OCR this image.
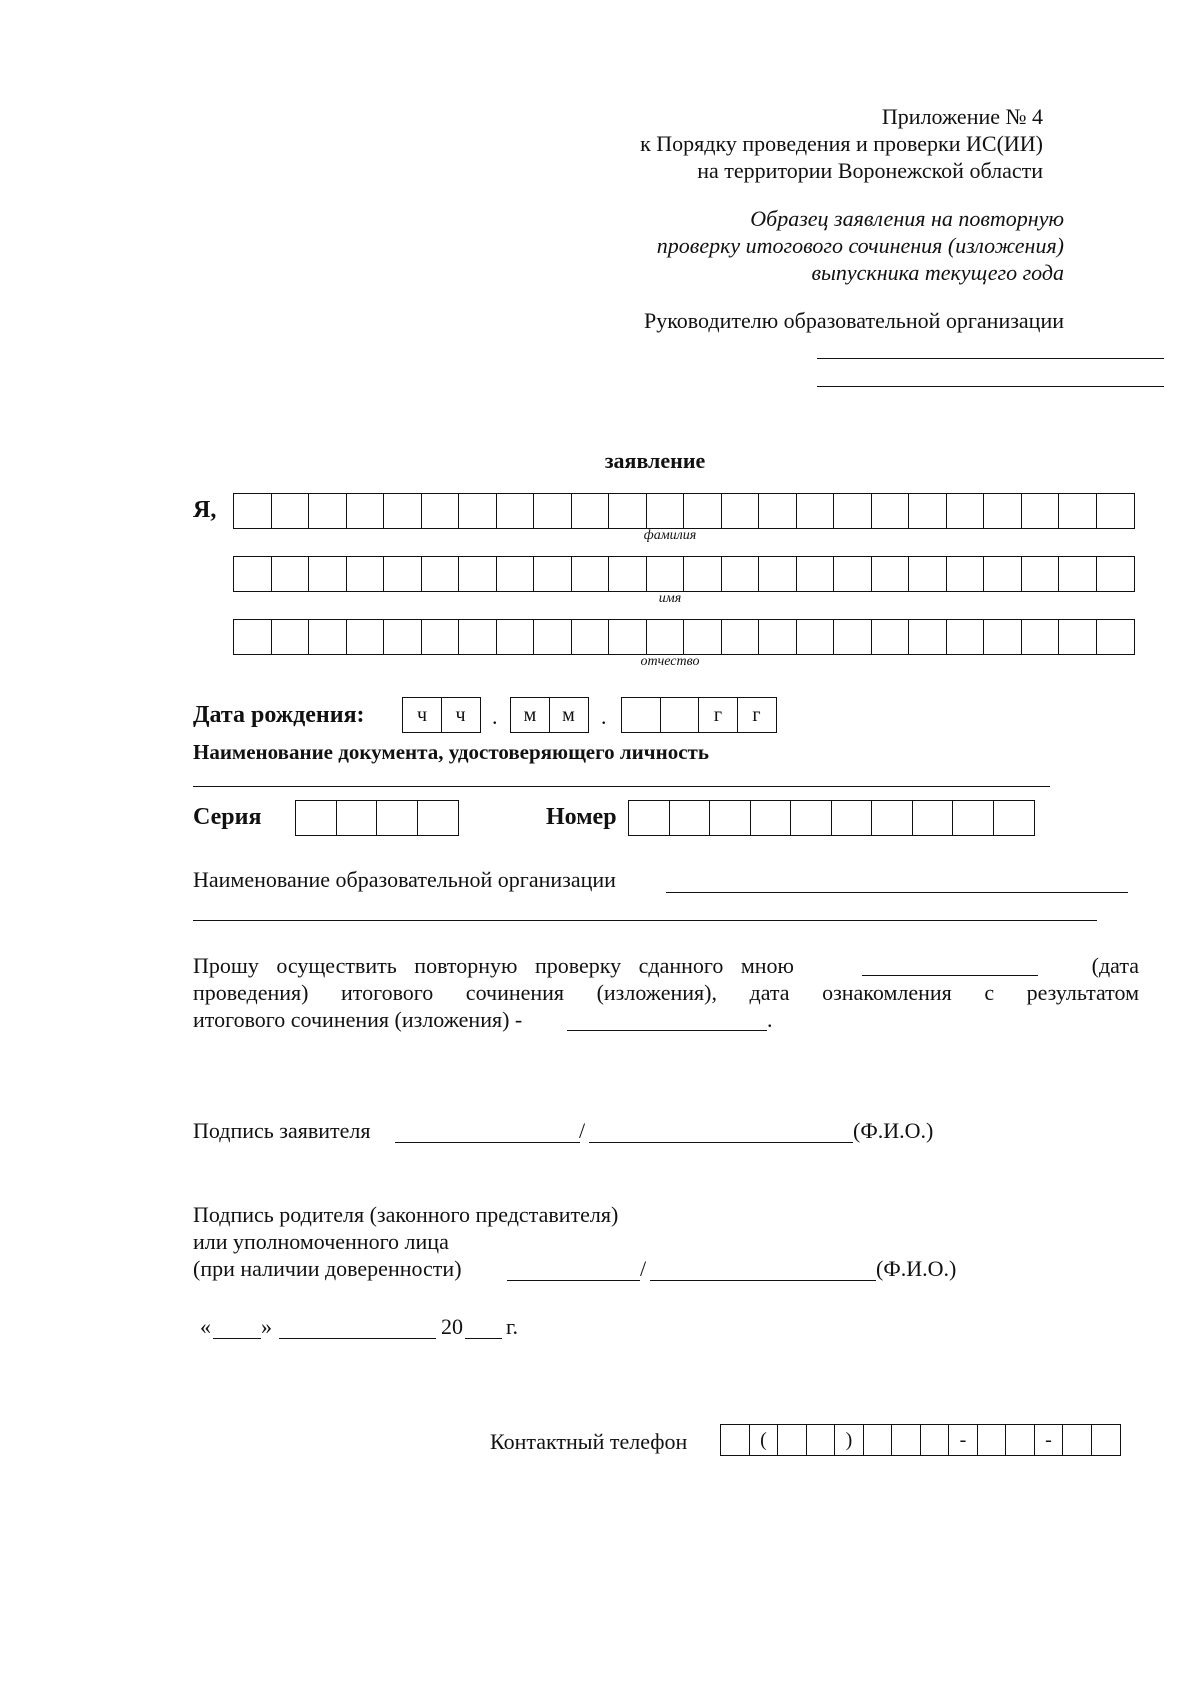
Приложение № 4
к Порядку проведения и проверки ИС(ИИ)
на территории Воронежской области
Образец заявления на повторную
проверку итогового сочинения (изложения)
выпускника текущего года
Руководителю образовательной организации
заявление
Я,
фамилия
имя
отчество
Дата рождения:	ч	ч	.	м	м	.	г	г
Наименование документа, удостоверяющего личность
Серия	Номер
Наименование образовательной организации
Прошу осуществить повторную проверку сданного мною	(дата
проведения) итогового сочинения (изложения), дата ознакомления с результатом
итогового сочинения (изложения) -	.
Подпись заявителя	/	(Ф.И.О.)
Подпись родителя (законного представителя)
или уполномоченного лица
(при наличии доверенности)	/	(Ф.И.О.)
« »	20 г.
Контактный телефон	(	)	-	-
